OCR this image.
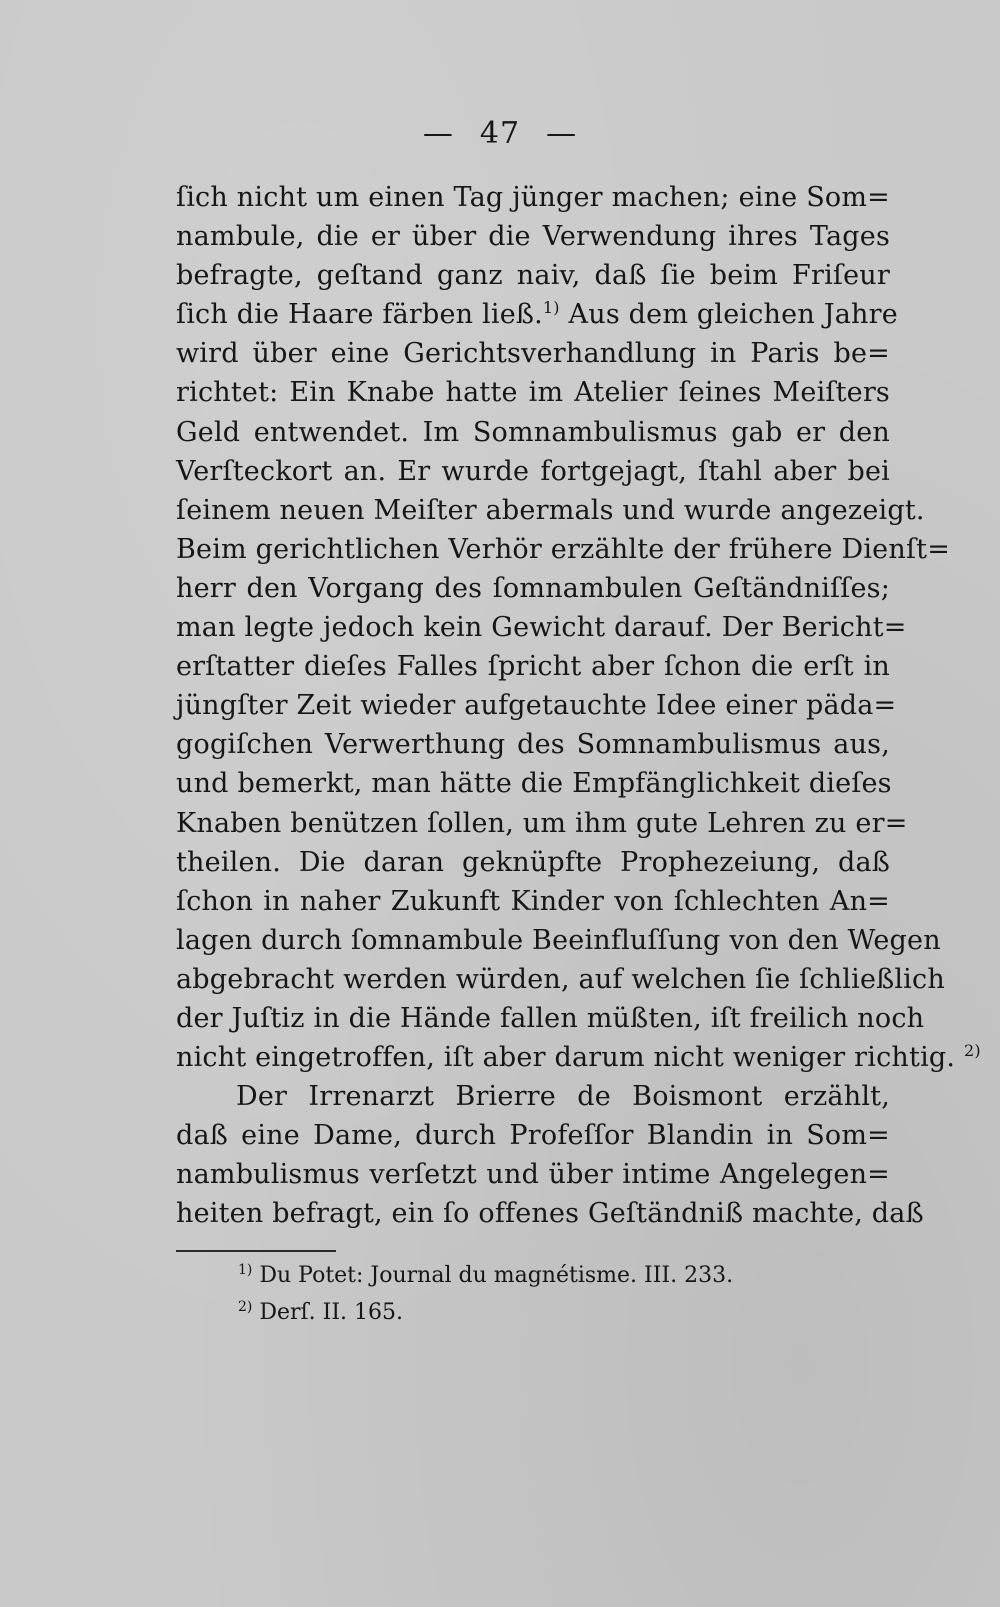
— 47 —
ſich nicht um einen Tag jünger machen; eine Som=
nambule, die er über die Verwendung ihres Tages
befragte, geſtand ganz naiv, daß ſie beim Friſeur
ſich die Haare färben ließ.$^{1)}$ Aus dem gleichen Jahre
wird über eine Gerichtsverhandlung in Paris be=
richtet: Ein Knabe hatte im Atelier ſeines Meiſters
Geld entwendet. Im Somnambulismus gab er den
Verſteckort an. Er wurde fortgejagt, ſtahl aber bei
ſeinem neuen Meiſter abermals und wurde angezeigt.
Beim gerichtlichen Verhör erzählte der frühere Dienſt=
herr den Vorgang des ſomnambulen Geſtändniſſes;
man legte jedoch kein Gewicht darauf. Der Bericht=
erſtatter dieſes Falles ſpricht aber ſchon die erſt in
jüngſter Zeit wieder aufgetauchte Idee einer päda=
gogiſchen Verwerthung des Somnambulismus aus,
und bemerkt, man hätte die Empfänglichkeit dieſes
Knaben benützen ſollen, um ihm gute Lehren zu er=
theilen. Die daran geknüpfte Prophezeiung, daß
ſchon in naher Zukunft Kinder von ſchlechten An=
lagen durch ſomnambule Beeinfluſſung von den Wegen
abgebracht werden würden, auf welchen ſie ſchließlich
der Juſtiz in die Hände fallen müßten, iſt freilich noch
nicht eingetroffen, iſt aber darum nicht weniger richtig. $^{2)}$
Der Irrenarzt Brierre de Boismont erzählt,
daß eine Dame, durch Profeſſor Blandin in Som=
nambulismus verſetzt und über intime Angelegen=
heiten befragt, ein ſo offenes Geſtändniß machte, daß
$^{1)}$ Du Potet: Journal du magnétisme. III. 233.
$^{2)}$ Derſ. II. 165.
